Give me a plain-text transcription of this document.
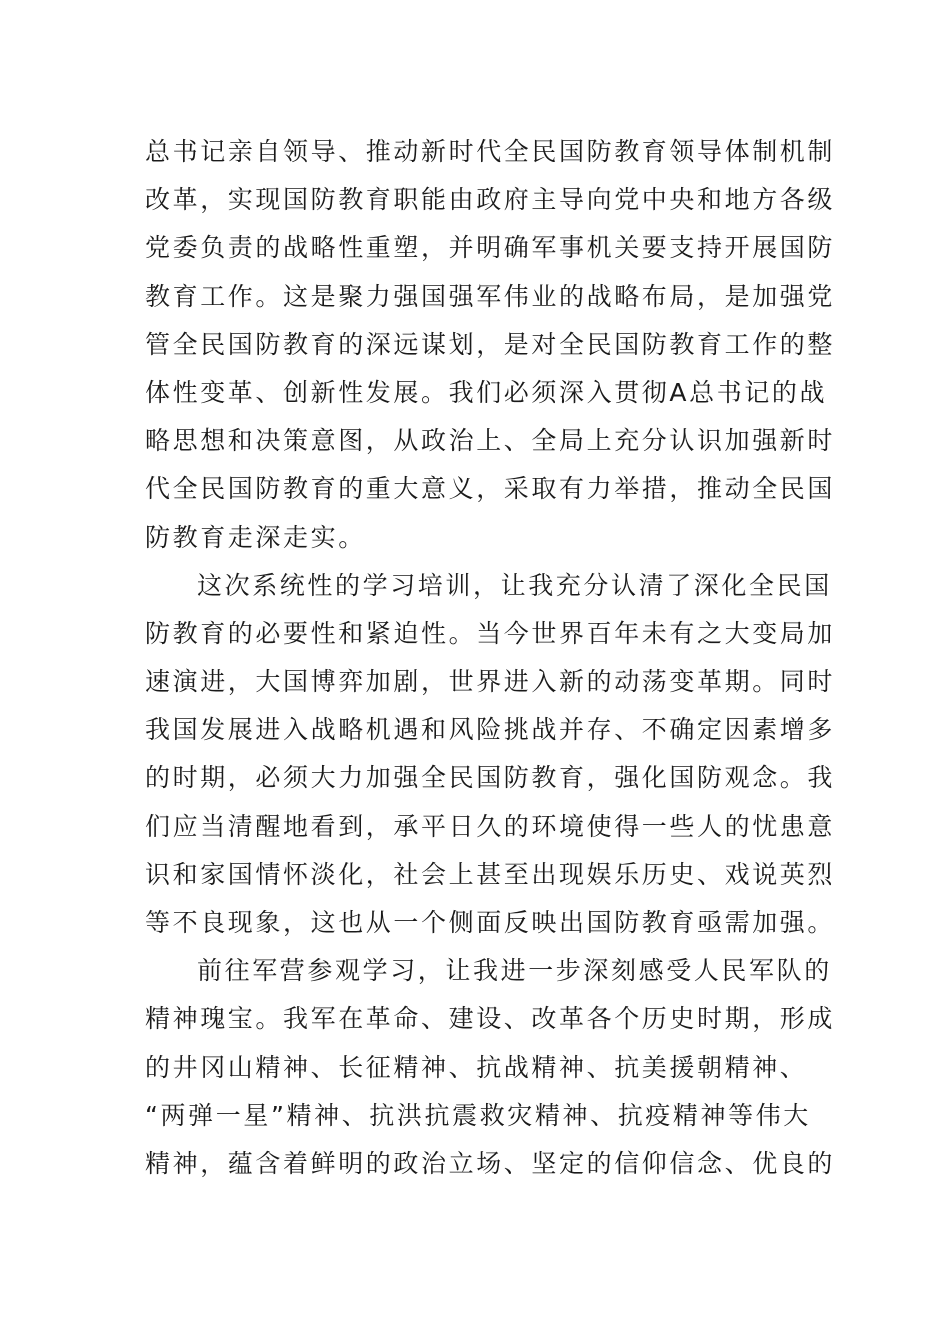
总书记亲自领导、推动新时代全民国防教育领导体制机制
改革，实现国防教育职能由政府主导向党中央和地方各级
党委负责的战略性重塑，并明确军事机关要支持开展国防
教育工作。这是聚力强国强军伟业的战略布局，是加强党
管全民国防教育的深远谋划，是对全民国防教育工作的整
体性变革、创新性发展。我们必须深入贯彻A总书记的战
略思想和决策意图，从政治上、全局上充分认识加强新时
代全民国防教育的重大意义，采取有力举措，推动全民国
防教育走深走实。
这次系统性的学习培训，让我充分认清了深化全民国
防教育的必要性和紧迫性。当今世界百年未有之大变局加
速演进，大国博弈加剧，世界进入新的动荡变革期。同时
我国发展进入战略机遇和风险挑战并存、不确定因素增多
的时期，必须大力加强全民国防教育，强化国防观念。我
们应当清醒地看到，承平日久的环境使得一些人的忧患意
识和家国情怀淡化，社会上甚至出现娱乐历史、戏说英烈
等不良现象，这也从一个侧面反映出国防教育亟需加强。
前往军营参观学习，让我进一步深刻感受人民军队的
精神瑰宝。我军在革命、建设、改革各个历史时期，形成
的井冈山精神、长征精神、抗战精神、抗美援朝精神、
“两弹一星”精神、抗洪抗震救灾精神、抗疫精神等伟大
精神，蕴含着鲜明的政治立场、坚定的信仰信念、优良的
